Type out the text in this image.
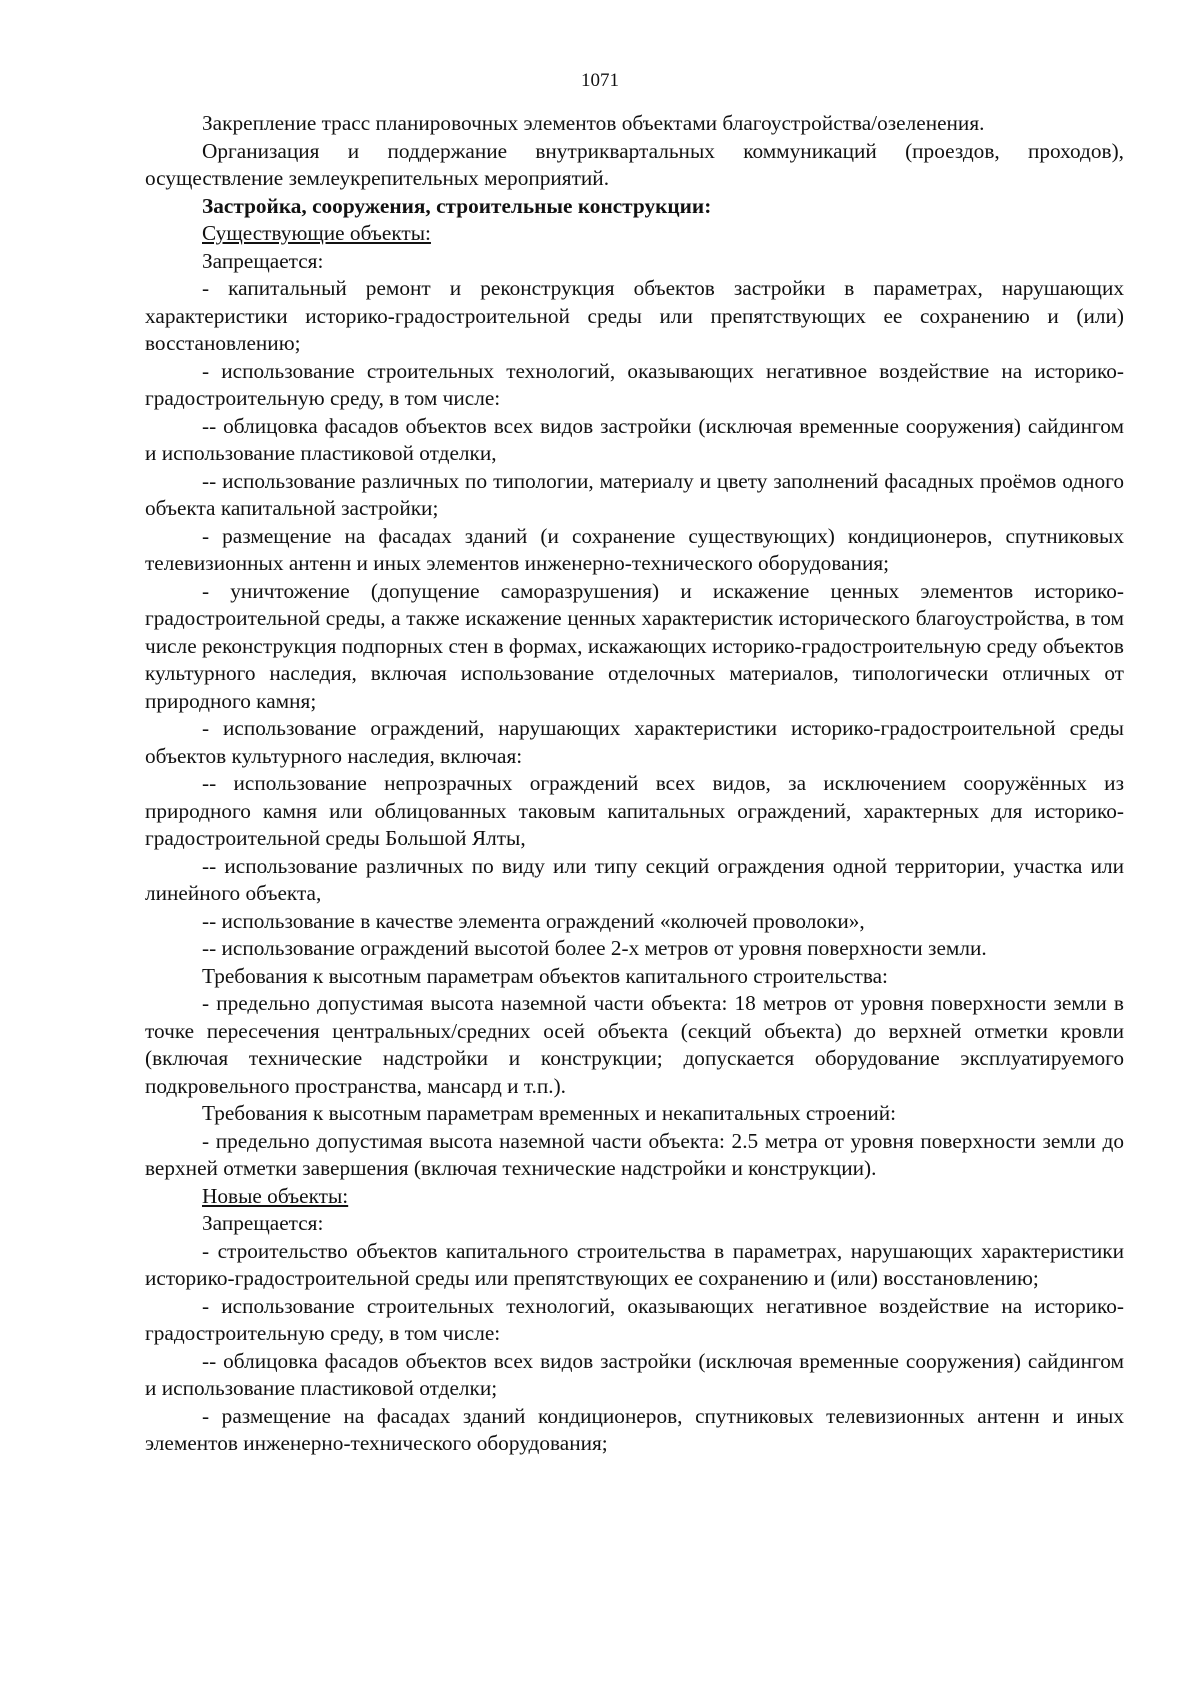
1071

Закрепление трасс планировочных элементов объектами благоустройства/озеленения.

Организация и поддержание внутриквартальных коммуникаций (проездов, проходов), осуществление землеукрепительных мероприятий.

Застройка, сооружения, строительные конструкции:

Существующие объекты:

Запрещается:

- капитальный ремонт и реконструкция объектов застройки в параметрах, нарушающих характеристики историко-градостроительной среды или препятствующих ее сохранению и (или) восстановлению;

- использование строительных технологий, оказывающих негативное воздействие на историко-градостроительную среду, в том числе:

-- облицовка фасадов объектов всех видов застройки (исключая временные сооружения) сайдингом и использование пластиковой отделки,

-- использование различных по типологии, материалу и цвету заполнений фасадных проёмов одного объекта капитальной застройки;

- размещение на фасадах зданий (и сохранение существующих) кондиционеров, спутниковых телевизионных антенн и иных элементов инженерно-технического оборудования;

- уничтожение (допущение саморазрушения) и искажение ценных элементов историко-градостроительной среды, а также искажение ценных характеристик исторического благоустройства, в том числе реконструкция подпорных стен в формах, искажающих историко-градостроительную среду объектов культурного наследия, включая использование отделочных материалов, типологически отличных от природного камня;

- использование ограждений, нарушающих характеристики историко-градостроительной среды объектов культурного наследия, включая:

-- использование непрозрачных ограждений всех видов, за исключением сооружённых из природного камня или облицованных таковым капитальных ограждений, характерных для историко-градостроительной среды Большой Ялты,

-- использование различных по виду или типу секций ограждения одной территории, участка или линейного объекта,

-- использование в качестве элемента ограждений «колючей проволоки»,

-- использование ограждений высотой более 2-х метров от уровня поверхности земли.

Требования к высотным параметрам объектов капитального строительства:

- предельно допустимая высота наземной части объекта: 18 метров от уровня поверхности земли в точке пересечения центральных/средних осей объекта (секций объекта) до верхней отметки кровли (включая технические надстройки и конструкции; допускается оборудование эксплуатируемого подкровельного пространства, мансард и т.п.).

Требования к высотным параметрам временных и некапитальных строений:

- предельно допустимая высота наземной части объекта: 2.5 метра от уровня поверхности земли до верхней отметки завершения (включая технические надстройки и конструкции).

Новые объекты:

Запрещается:

- строительство объектов капитального строительства в параметрах, нарушающих характеристики историко-градостроительной среды или препятствующих ее сохранению и (или) восстановлению;

- использование строительных технологий, оказывающих негативное воздействие на историко-градостроительную среду, в том числе:

-- облицовка фасадов объектов всех видов застройки (исключая временные сооружения) сайдингом и использование пластиковой отделки;

- размещение на фасадах зданий кондиционеров, спутниковых телевизионных антенн и иных элементов инженерно-технического оборудования;
